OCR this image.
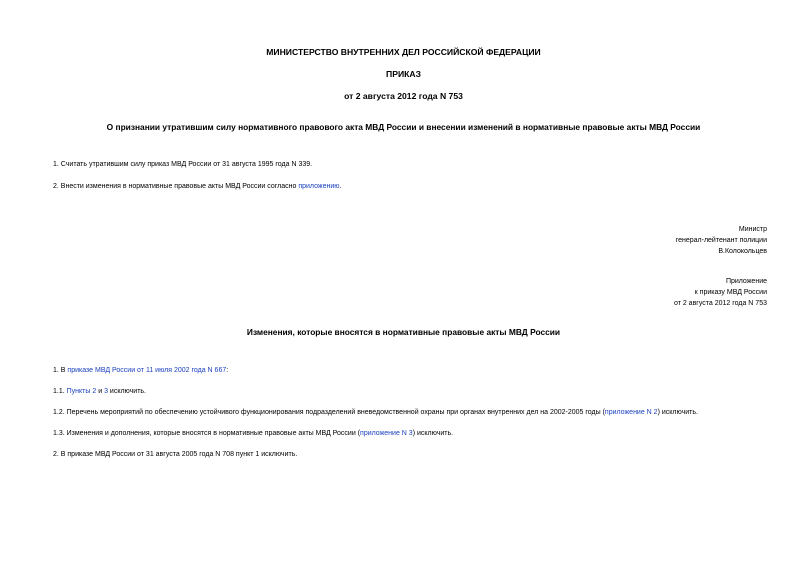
МИНИСТЕРСТВО ВНУТРЕННИХ ДЕЛ РОССИЙСКОЙ ФЕДЕРАЦИИ
ПРИКАЗ
от 2 августа 2012 года N 753
О признании утратившим силу нормативного правового акта МВД России и внесении изменений в нормативные правовые акты МВД России
1. Считать утратившим силу приказ МВД России от 31 августа 1995 года N 339.
2. Внести изменения в нормативные правовые акты МВД России согласно приложению.
Министр
генерал-лейтенант полиции
В.Колокольцев
Приложение
к приказу МВД России
от 2 августа 2012 года N 753
Изменения, которые вносятся в нормативные правовые акты МВД России
1. В приказе МВД России от 11 июля 2002 года N 667:
1.1. Пункты 2 и 3 исключить.
1.2. Перечень мероприятий по обеспечению устойчивого функционирования подразделений вневедомственной охраны при органах внутренних дел на 2002-2005 годы (приложение N 2) исключить.
1.3. Изменения и дополнения, которые вносятся в нормативные правовые акты МВД России (приложение N 3) исключить.
2. В приказе МВД России от 31 августа 2005 года N 708 пункт 1 исключить.
